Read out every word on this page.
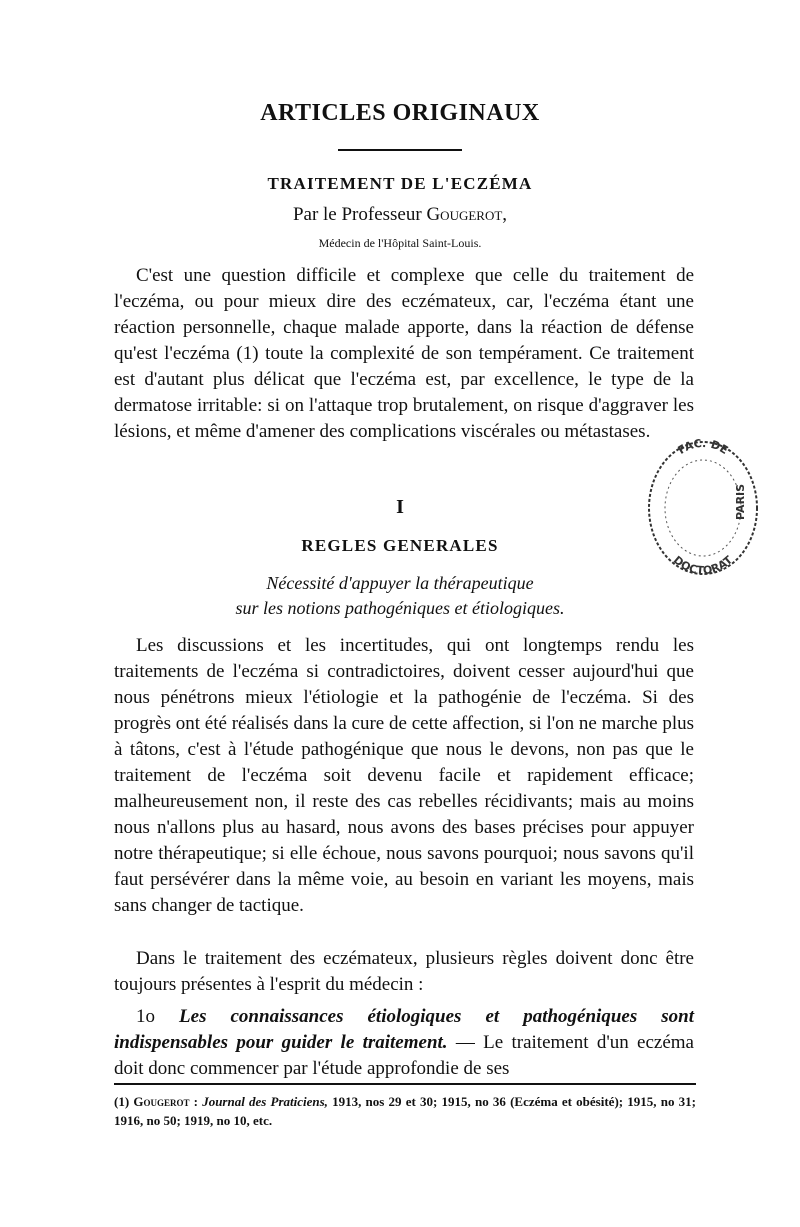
ARTICLES ORIGINAUX
TRAITEMENT DE L'ECZÉMA
Par le Professeur Gougerot,
Médecin de l'Hôpital Saint-Louis.

C'est une question difficile et complexe que celle du traitement de l'eczéma, ou pour mieux dire des eczémateux, car, l'eczéma étant une réaction personnelle, chaque malade apporte, dans la réaction de défense qu'est l'eczéma (1) toute la complexité de son tempérament. Ce traitement est d'autant plus délicat que l'eczéma est, par excellence, le type de la dermatose irritable: si on l'attaque trop brutalement, on risque d'aggraver les lésions, et même d'amener des complications viscérales ou métastases.

I
REGLES GENERALES
Nécessité d'appuyer la thérapeutique
sur les notions pathogéniques et étiologiques.

Les discussions et les incertitudes, qui ont longtemps rendu les traitements de l'eczéma si contradictoires, doivent cesser aujourd'hui que nous pénétrons mieux l'étiologie et la pathogénie de l'eczéma. Si des progrès ont été réalisés dans la cure de cette affection, si l'on ne marche plus à tâtons, c'est à l'étude pathogénique que nous le devons, non pas que le traitement de l'eczéma soit devenu facile et rapidement efficace; malheureusement non, il reste des cas rebelles récidivants; mais au moins nous n'allons plus au hasard, nous avons des bases précises pour appuyer notre thérapeutique; si elle échoue, nous savons pourquoi; nous savons qu'il faut persévérer dans la même voie, au besoin en variant les moyens, mais sans changer de tactique.

Dans le traitement des eczémateux, plusieurs règles doivent donc être toujours présentes à l'esprit du médecin :

1o Les connaissances étiologiques et pathogéniques sont indispensables pour guider le traitement. — Le traitement d'un eczéma doit donc commencer par l'étude approfondie de ses

(1) Gougerot : Journal des Praticiens, 1913, nos 29 et 30; 1915, no 36 (Eczéma et obésité); 1915, no 31; 1916, no 50; 1919, no 10, etc.

FAC. DE
DOCTORAT
PARIS
